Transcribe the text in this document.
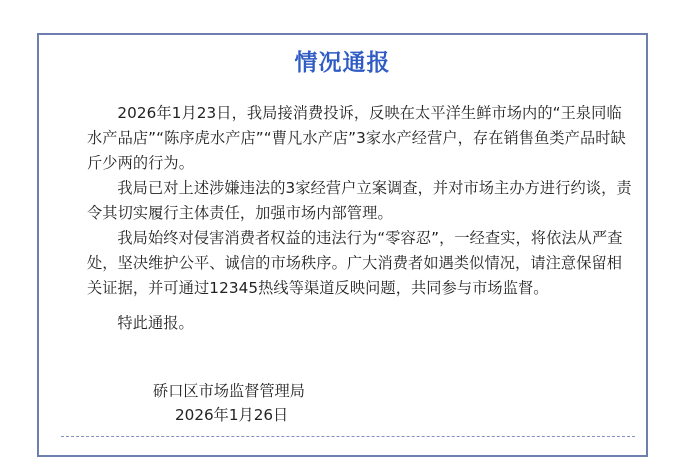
情况通报

2026年1月23日，我局接消费投诉，反映在太平洋生鲜市场内的“王泉同临水产品店”“陈序虎水产店”“曹凡水产店”3家水产经营户，存在销售鱼类产品时缺斤少两的行为。

我局已对上述涉嫌违法的3家经营户立案调查，并对市场主办方进行约谈，责令其切实履行主体责任，加强市场内部管理。

我局始终对侵害消费者权益的违法行为“零容忍”，一经查实，将依法从严查处，坚决维护公平、诚信的市场秩序。广大消费者如遇类似情况，请注意保留相关证据，并可通过12345热线等渠道反映问题，共同参与市场监督。

特此通报。

硚口区市场监督管理局
2026年1月26日
